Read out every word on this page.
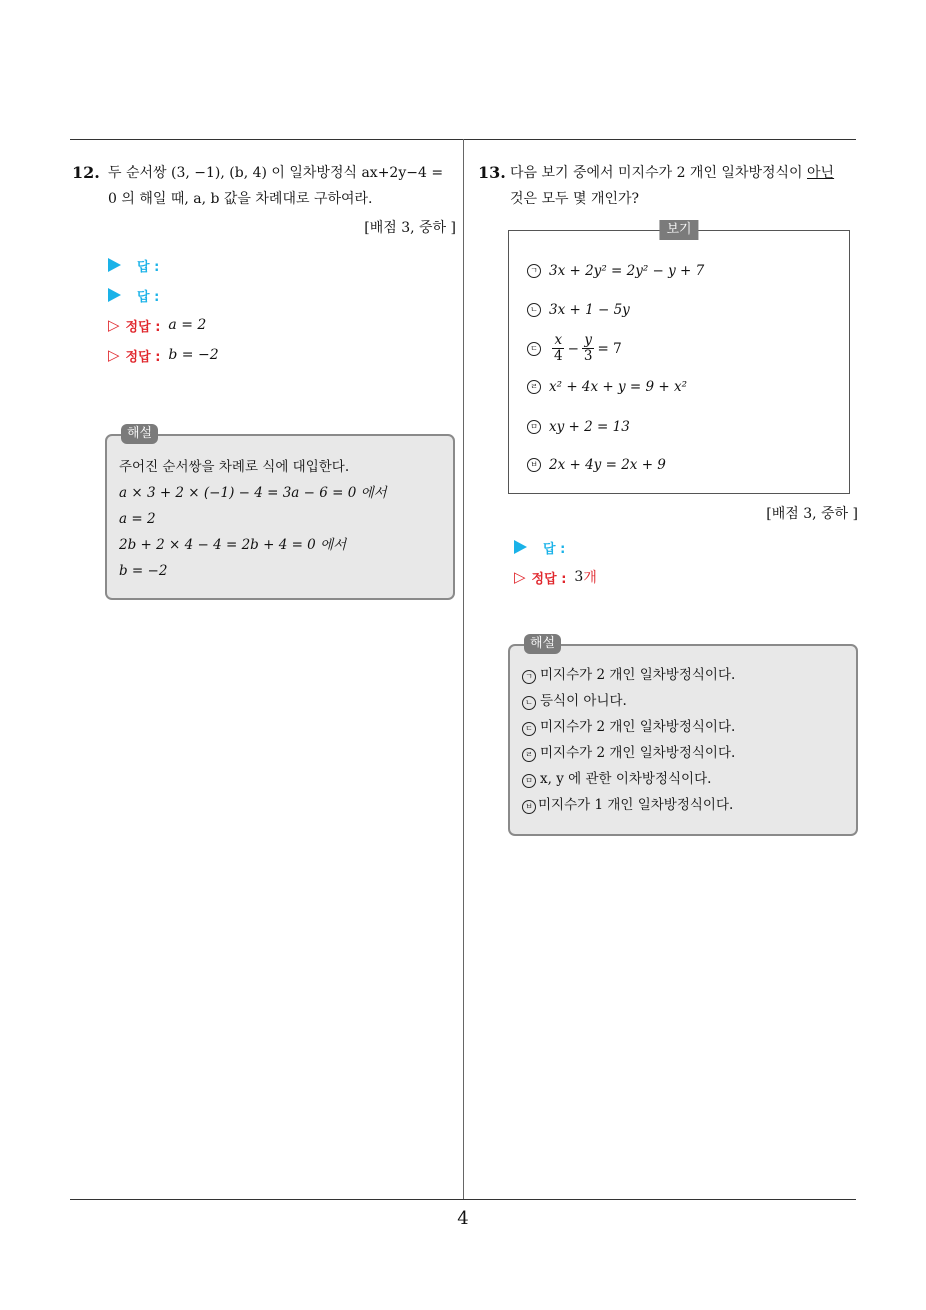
4
12. 두 순서쌍 (3, −1), (b, 4) 이 일차방정식 ax+2y−4 =
0 의 해일 때, a, b 값을 차례대로 구하여라.
[배점 3, 중하 ]
답 :
답 :
▷ 정답 : a = 2
▷ 정답 : b = −2
해설
주어진 순서쌍을 차례로 식에 대입한다.
a × 3 + 2 × (−1) − 4 = 3a − 6 = 0 에서
a = 2
2b + 2 × 4 − 4 = 2b + 4 = 0 에서
b = −2
13. 다음 보기 중에서 미지수가 2 개인 일차방정식이 아닌
것은 모두 몇 개인가?
보기
ㄱ 3x + 2y² = 2y² − y + 7
ㄴ 3x + 1 − 5y
ㄷ $\frac{x}{4} - \frac{y}{3} = 7$
ㄹ x² + 4x + y = 9 + x²
ㅁ xy + 2 = 13
ㅂ 2x + 4y = 2x + 9
[배점 3, 중하 ]
답 :
▷ 정답 : 3 개
해설
ㄱ 미지수가 2 개인 일차방정식이다.
ㄴ 등식이 아니다.
ㄷ 미지수가 2 개인 일차방정식이다.
ㄹ 미지수가 2 개인 일차방정식이다.
ㅁ x, y 에 관한 이차방정식이다.
ㅂ 미지수가 1 개인 일차방정식이다.
